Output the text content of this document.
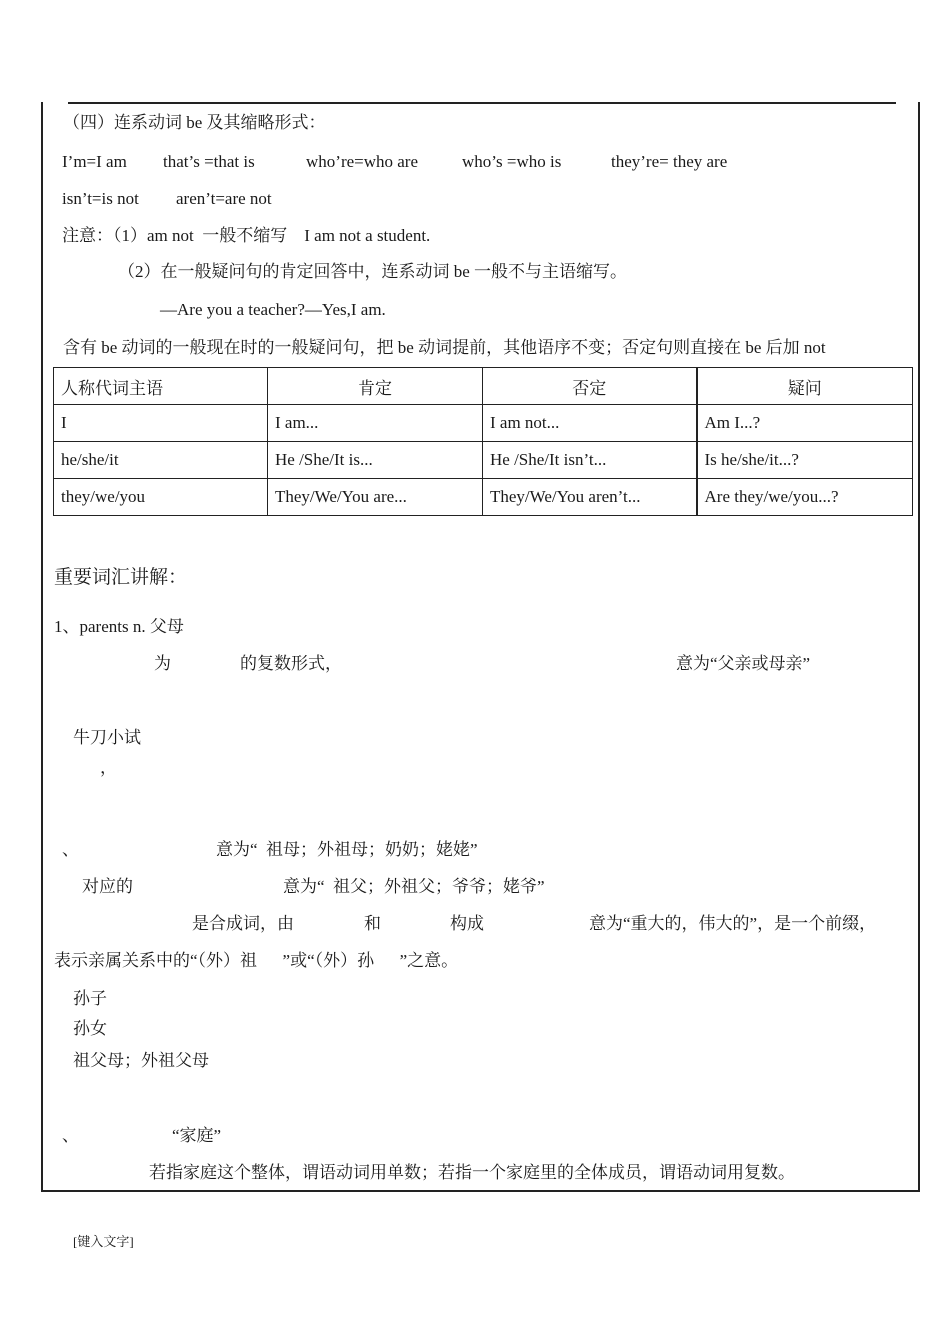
（四）连系动词 be 及其缩略形式：
I’m=I am that’s =that is	who’re=who are	who’s =who is	they’re= they are
isn’t=is not aren’t=are not
注意：（1）am not  一般不缩写    I am not a student.
（2）在一般疑问句的肯定回答中，连系动词 be 一般不与主语缩写。
—Are you a teacher?—Yes,I am.
含有 be 动词的一般现在时的一般疑问句，把 be 动词提前，其他语序不变；否定句则直接在 be 后加 not
人称代词主语	肯定	否定	疑问
I	I am...	I am not...	Am I...?
he/she/it	He /She/It is...	He /She/It isn’t...	Is he/she/it...?
they/we/you	They/We/You are...	They/We/You aren’t...	Are they/we/you...?
重要词汇讲解：
1、parents n. 父母
为	的复数形式，	意为“父亲或母亲”
牛刀小试
，
、	意为“  祖母；外祖母；奶奶；姥姥”
对应的	意为“  祖父；外祖父；爷爷；姥爷”
是合成词，由	和	构成	意为“重大的，伟大的”，是一个前缀，
表示亲属关系中的“（外）祖      ”或“（外）孙      ”之意。
孙子
孙女
祖父母；外祖父母
、	“家庭”
若指家庭这个整体，谓语动词用单数；若指一个家庭里的全体成员，谓语动词用复数。
[键入文字]
